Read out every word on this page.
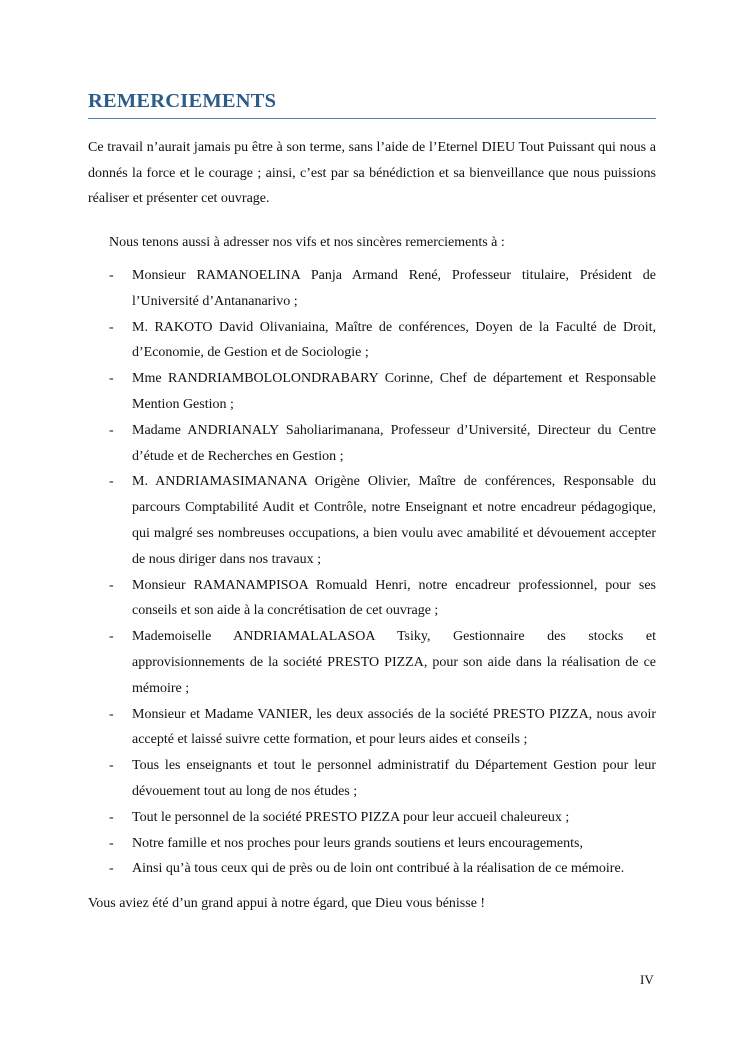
REMERCIEMENTS

Ce travail n’aurait jamais pu être à son terme, sans l’aide de l’Eternel DIEU Tout Puissant qui nous a donnés la force et le courage ; ainsi, c’est par sa bénédiction et sa bienveillance que nous puissions réaliser et présenter cet ouvrage.

Nous tenons aussi à adresser nos vifs et nos sincères remerciements à :

- Monsieur RAMANOELINA Panja Armand René, Professeur titulaire, Président de l’Université d’Antananarivo ;
- M. RAKOTO David Olivaniaina, Maître de conférences, Doyen de la Faculté de Droit, d’Economie, de Gestion et de Sociologie ;
- Mme RANDRIAMBOLOLONDRABARY Corinne, Chef de département et Responsable Mention Gestion ;
- Madame ANDRIANALY Saholiarimanana, Professeur d’Université, Directeur du Centre d’étude et de Recherches en Gestion ;
- M. ANDRIAMASIMANANA Origène Olivier, Maître de conférences, Responsable du parcours Comptabilité Audit et Contrôle, notre Enseignant et notre encadreur pédagogique, qui malgré ses nombreuses occupations, a bien voulu avec amabilité et dévouement accepter de nous diriger dans nos travaux ;
- Monsieur RAMANAMPISOA Romuald Henri, notre encadreur professionnel, pour ses conseils et son aide à la concrétisation de cet ouvrage ;
- Mademoiselle ANDRIAMALALASOA Tsiky, Gestionnaire des stocks et approvisionnements de la société PRESTO PIZZA, pour son aide dans la réalisation de ce mémoire ;
- Monsieur et Madame VANIER, les deux associés de la société PRESTO PIZZA, nous avoir accepté et laissé suivre cette formation, et pour leurs aides et conseils ;
- Tous les enseignants et tout le personnel administratif du Département Gestion pour leur dévouement tout au long de nos études ;
- Tout le personnel de la société PRESTO PIZZA pour leur accueil chaleureux ;
- Notre famille et nos proches pour leurs grands soutiens et leurs encouragements,
- Ainsi qu’à tous ceux qui de près ou de loin ont contribué à la réalisation de ce mémoire.

Vous aviez été d’un grand appui à notre égard, que Dieu vous bénisse !

IV
